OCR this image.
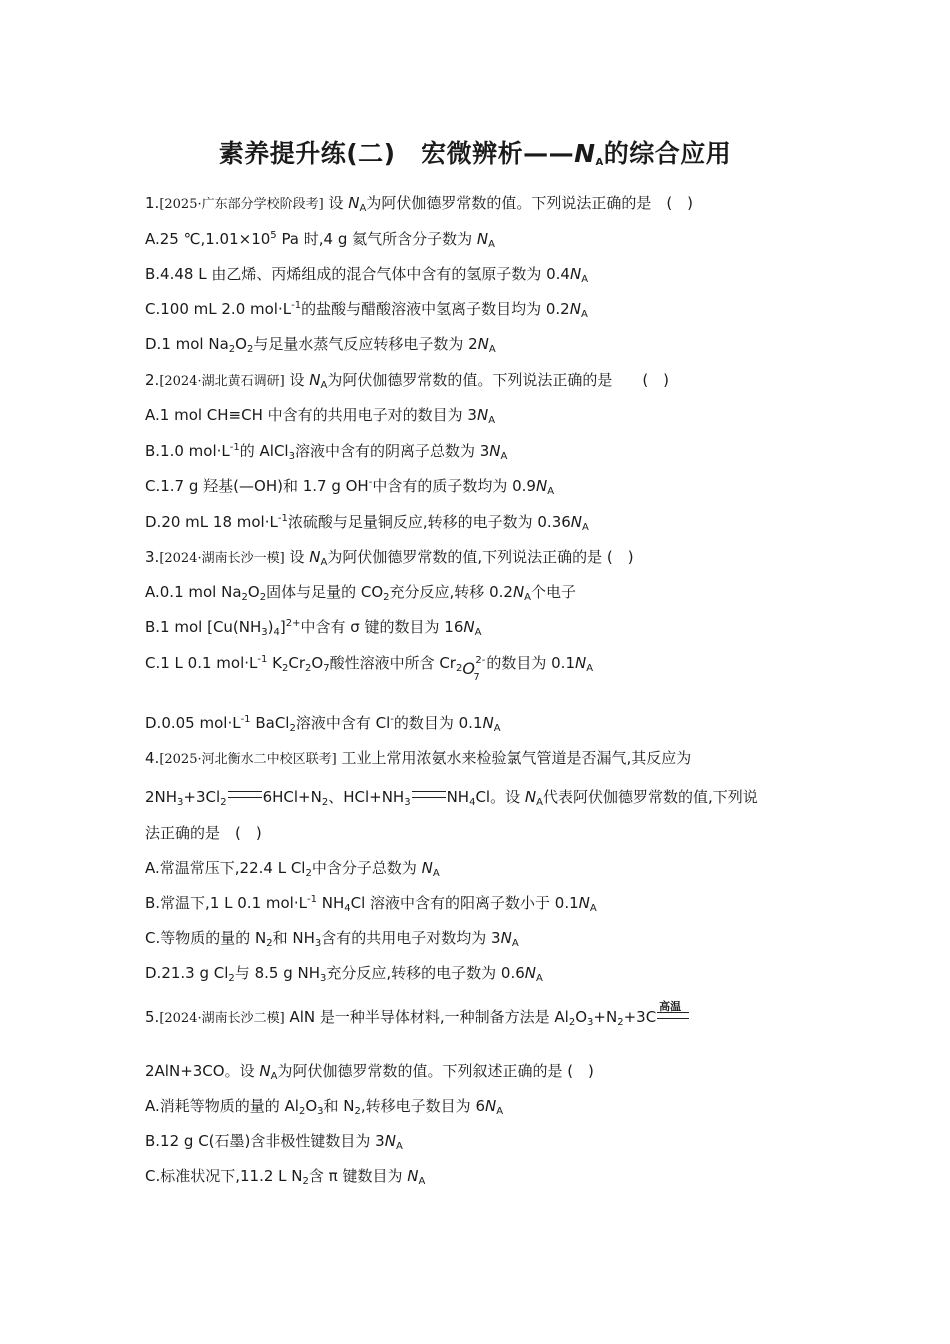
素养提升练(二)　宏微辨析$——N_A$的综合应用
1.[2025·广东部分学校阶段考] 设 $N_A$为阿伏伽德罗常数的值。下列说法正确的是　(　)
A.25 $℃,1.01\times 10^5$ Pa 时,4 g 氦气所含分子数为 $N_A$
B.4.48 L 由乙烯、丙烯组成的混合气体中含有的氢原子数为 $0.4N_A$
C.100 mL 2.0 $mol\cdot L^{-1}$的盐酸与醋酸溶液中氢离子数目均为 $0.2N_A$
D.1 mol $Na_2O_2$与足量水蒸气反应转移电子数为 $2N_A$
2.[2024·湖北黄石调研] 设 $N_A$为阿伏伽德罗常数的值。下列说法正确的是　　(　)
A.1 mol CH≡CH 中含有的共用电子对的数目为 $3N_A$
B.1.0 $mol\cdot L^{-1}$的 AlCl$_3$溶液中含有的阴离子总数为 $3N_A$
C.1.7 g 羟基(—OH)和 1.7 g OH-中含有的质子数均为 $0.9N_A$
D.20 mL 18 $mol\cdot L^{-1}$浓硫酸与足量铜反应,转移的电子数为 $0.36N_A$
3.[2024·湖南长沙一模] 设 $N_A$为阿伏伽德罗常数的值,下列说法正确的是 (　)
A.0.1 mol $Na_2O_2$固体与足量的 $CO_2$充分反应,转移 $0.2N_A$个电子
B.1 mol $[Cu(NH_3)_4]^{2+}$中含有 σ 键的数目为 $16N_A$
C.1 L 0.1 $mol\cdot L^{-1}$ $K_2Cr_2O_7$酸性溶液中所含 $Cr_2$ O
7
2- 的数目为 $0.1N_A$
D.0.05 $mol\cdot L^{-1}$ BaCl$_2$溶液中含有 Cl-的数目为 $0.1N_A$
4.[2025·河北衡水二中校区联考] 工业上常用浓氨水来检验氯气管道是否漏气,其反应为
$2NH_3+3Cl_2$ $6HCl+N_2$、$HCl+NH_3$ $NH_4Cl$。设 $N_A$代表阿伏伽德罗常数的值,下列说
法正确的是　(　)
A.常温常压下,22.4 L $Cl_2$中含分子总数为 $N_A$
B.常温下,1 L 0.1 $mol\cdot L^{-1}$ $NH_4Cl$ 溶液中含有的阳离子数小于 $0.1N_A$
C.等物质的量的 $N_2$和 $NH_3$含有的共用电子对数均为 $3N_A$
D.21.3 g $Cl_2$与 8.5 g $NH_3$充分反应,转移的电子数为 $0.6N_A$
5.[2024·湖南长沙二模] AlN 是一种半导体材料,一种制备方法是 $Al_2O_3+N_2+3C$
高温
2AlN+3CO。设 $N_A$为阿伏伽德罗常数的值。下列叙述正确的是 (　)
A.消耗等物质的量的 $Al_2O_3$和 $N_2$,转移电子数目为 $6N_A$
B.12 g C(石墨)含非极性键数目为 $3N_A$
C.标准状况下,11.2 L $N_2$含 π 键数目为 $N_A$
